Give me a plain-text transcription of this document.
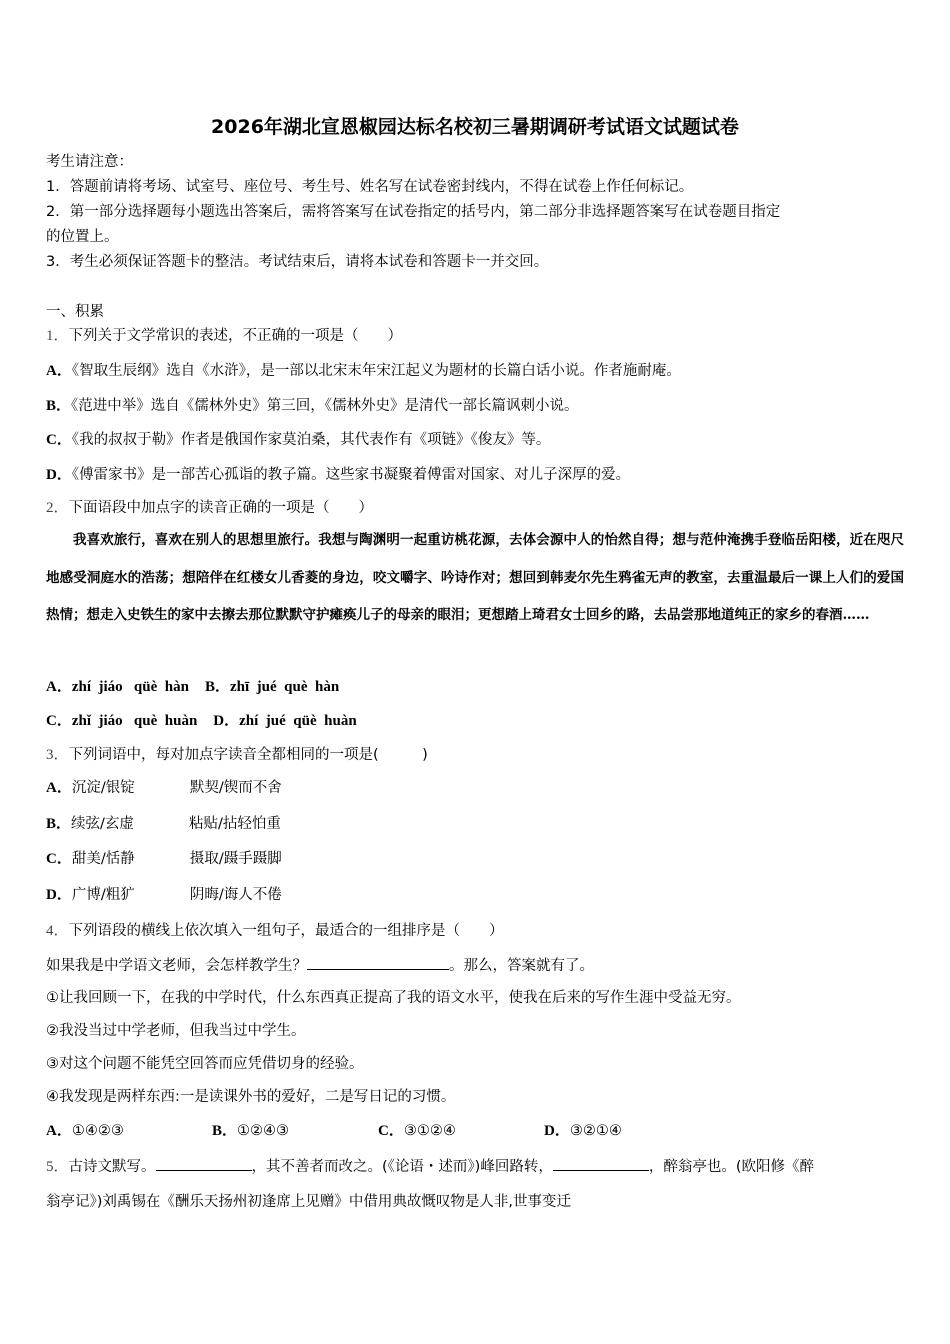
2026年湖北宣恩椒园达标名校初三暑期调研考试语文试题试卷
考生请注意：
1．答题前请将考场、试室号、座位号、考生号、姓名写在试卷密封线内，不得在试卷上作任何标记。
2．第一部分选择题每小题选出答案后，需将答案写在试卷指定的括号内，第二部分非选择题答案写在试卷题目指定
的位置上。
3．考生必须保证答题卡的整洁。考试结束后，请将本试卷和答题卡一并交回。
一、积累
1．下列关于文学常识的表述，不正确的一项是（　　）
A．《智取生辰纲》选自《水浒》，是一部以北宋末年宋江起义为题材的长篇白话小说。作者施耐庵。
B．《范进中举》选自《儒林外史》第三回，《儒林外史》是清代一部长篇讽刺小说。
C．《我的叔叔于勒》作者是俄国作家莫泊桑，其代表作有《项链》《俊友》等。
D．《傅雷家书》是一部苦心孤诣的教子篇。这些家书凝聚着傅雷对国家、对儿子深厚的爱。
2．下面语段中加点字的读音正确的一项是（　　）
我喜欢旅行，喜欢在别人的思想里旅行。我想与陶渊明一起重访桃花源，去体会源中人的怡然自得；想与范仲淹携手登临岳阳楼，近在咫尺地感受洞庭水的浩荡；想陪伴在红楼女儿香菱的身边，咬文嚼字、吟诗作对；想回到韩麦尔先生鸦雀无声的教室，去重温最后一课上人们的爱国热情；想走入史铁生的家中去擦去那位默默守护瘫痪儿子的母亲的眼泪；更想踏上琦君女士回乡的路，去品尝那地道纯正的家乡的春酒……
A．zhí  jiáo   qüè  hàn B．zhī  jué  què  hàn
C．zhǐ  jiáo   què  huàn D．zhí  jué  qüè  huàn
3．下列词语中，每对加点字读音全都相同的一项是(　　　)
A．沉淀/银锭	默契/锲而不舍
B．续弦/玄虚	粘贴/拈轻怕重
C．甜美/恬静	摄取/蹑手蹑脚
D．广博/粗犷	阴晦/诲人不倦
4．下列语段的横线上依次填入一组句子，最适合的一组排序是（　　）
如果我是中学语文老师，会怎样教学生？	。那么，答案就有了。
①让我回顾一下，在我的中学时代，什么东西真正提高了我的语文水平，使我在后来的写作生涯中受益无穷。
②我没当过中学老师，但我当过中学生。
③对这个问题不能凭空回答而应凭借切身的经验。
④我发现是两样东西:一是读课外书的爱好，二是写日记的习惯。
A．①④②③	B．①②④③	C．③①②④	D．③②①④
5．古诗文默写。	，其不善者而改之。(《论语・述而》)峰回路转，	，醉翁亭也。(欧阳修《醉
翁亭记》)刘禹锡在《酬乐天扬州初逢席上见赠》中借用典故慨叹物是人非,世事变迁
